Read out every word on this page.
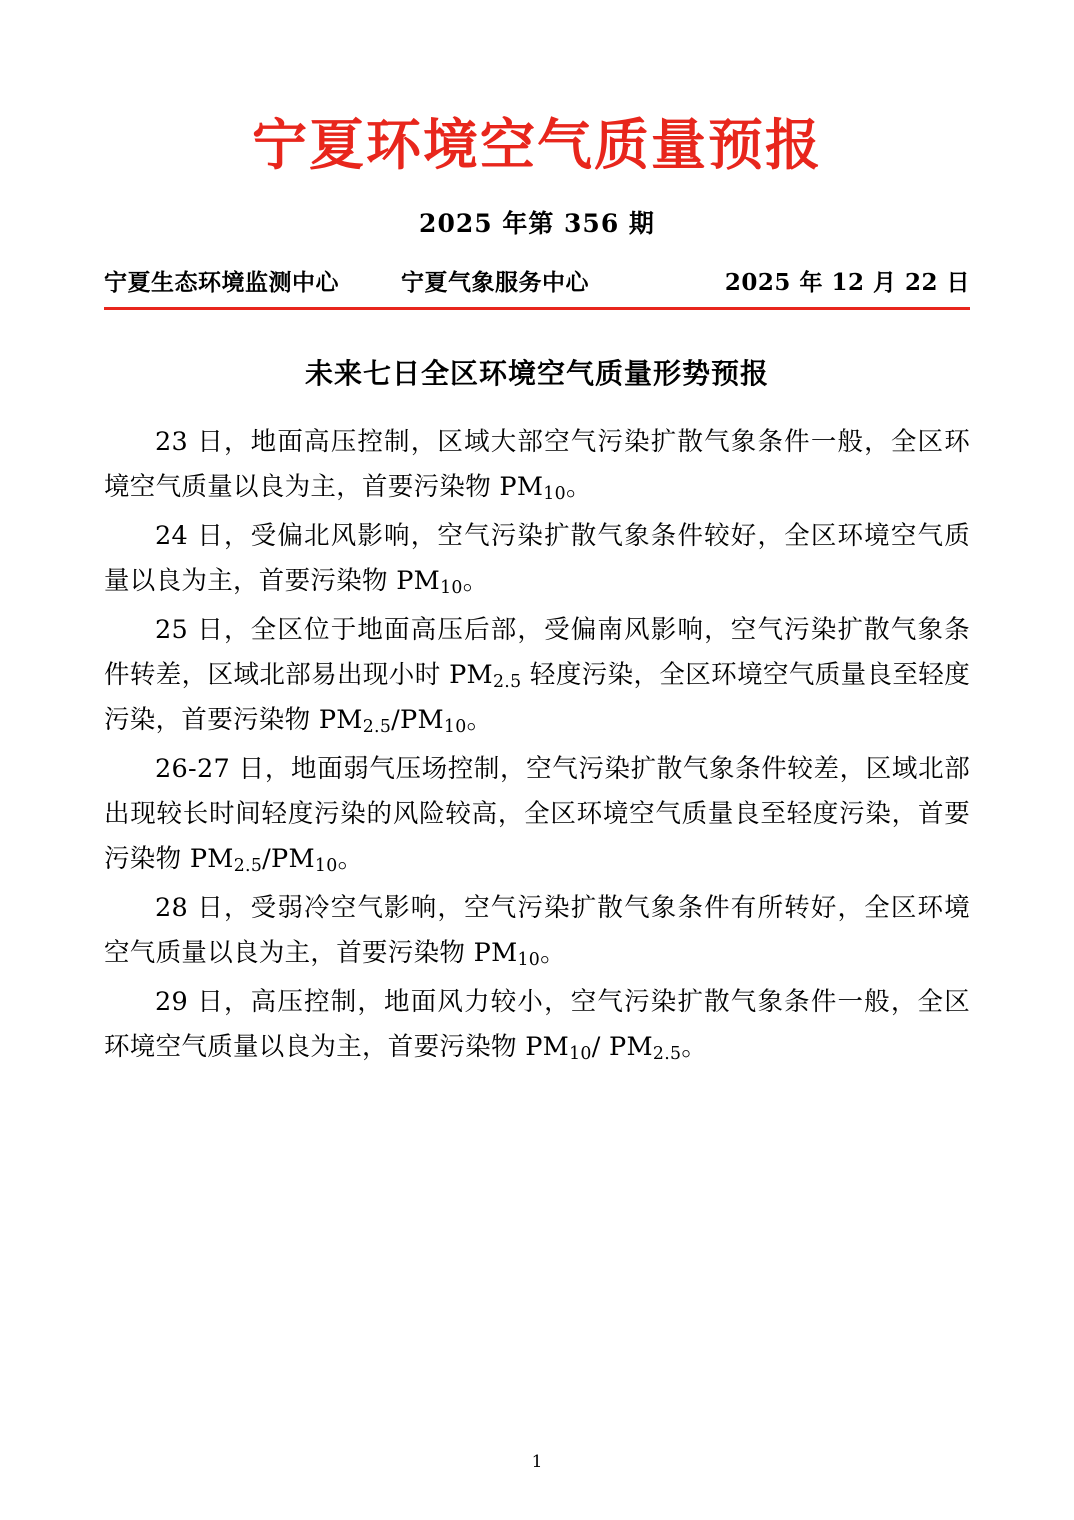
宁夏环境空气质量预报
2025 年第 356 期
宁夏生态环境监测中心	宁夏气象服务中心	2025 年 12 月 22 日
未来七日全区环境空气质量形势预报

23 日，地面高压控制，区域大部空气污染扩散气象条件一般，全区环境空气质量以良为主，首要污染物 $PM_{10}$。

24 日，受偏北风影响，空气污染扩散气象条件较好，全区环境空气质量以良为主，首要污染物 $PM_{10}$。

25 日，全区位于地面高压后部，受偏南风影响，空气污染扩散气象条件转差，区域北部易出现小时 $PM_{2.5}$ 轻度污染，全区环境空气质量良至轻度污染，首要污染物 $PM_{2.5}/PM_{10}$。

26-27 日，地面弱气压场控制，空气污染扩散气象条件较差，区域北部出现较长时间轻度污染的风险较高，全区环境空气质量良至轻度污染，首要污染物 $PM_{2.5}/PM_{10}$。

28 日，受弱冷空气影响，空气污染扩散气象条件有所转好，全区环境空气质量以良为主，首要污染物 $PM_{10}$。

29 日，高压控制，地面风力较小，空气污染扩散气象条件一般，全区环境空气质量以良为主，首要污染物 $PM_{10}/$ $PM_{2.5}$。

1
